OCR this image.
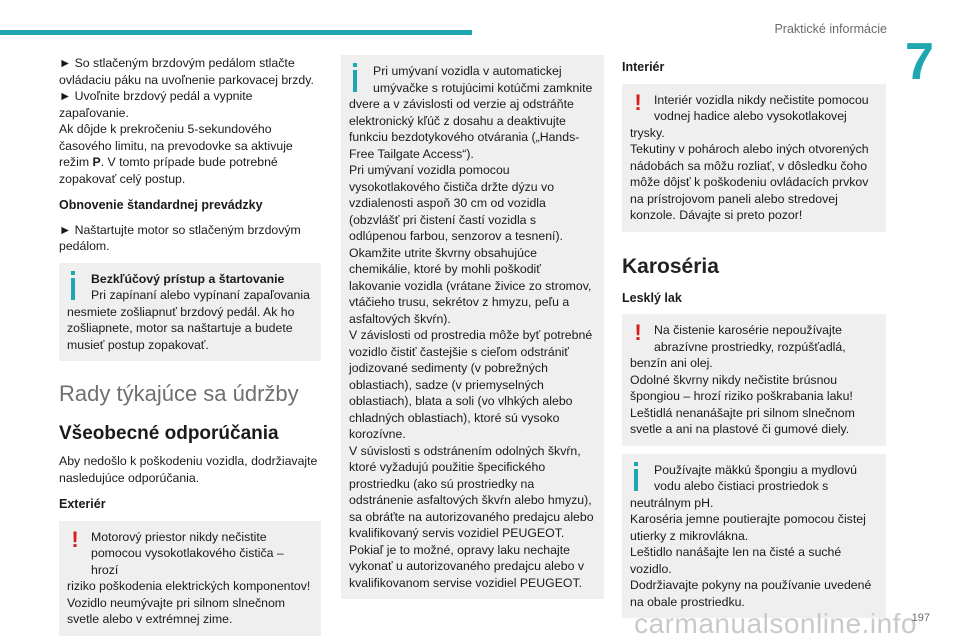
Praktické informácie
7

► So stlačeným brzdovým pedálom stlačte ovládaciu páku na uvoľnenie parkovacej brzdy.

► Uvoľnite brzdový pedál a vypnite zapaľovanie.

Ak dôjde k prekročeniu 5-sekundového časového limitu, na prevodovke sa aktivuje režim P. V tomto prípade bude potrebné zopakovať celý postup.

Obnovenie štandardnej prevádzky

► Naštartujte motor so stlačeným brzdovým pedálom.

Bezkľúčový prístup a štartovanie
Pri zapínaní alebo vypínaní zapaľovania
nesmiete zošliapnuť brzdový pedál. Ak ho zošliapnete, motor sa naštartuje a budete musieť postup zopakovať.
Rady týkajúce sa údržby
Všeobecné odporúčania

Aby nedošlo k poškodeniu vozidla, dodržiavajte nasledujúce odporúčania.

Exteriér
!	Motorový priestor nikdy nečistite
pomocou vysokotlakového čističa – hrozí
riziko poškodenia elektrických komponentov! Vozidlo neumývajte pri silnom slnečnom svetle alebo v extrémnej zime.
Pri umývaní vozidla v automatickej
umývačke s rotujúcimi kotúčmi zamknite
dvere a v závislosti od verzie aj odstráňte elektronický kľúč z dosahu a deaktivujte funkciu bezdotykového otvárania („Hands-Free Tailgate Access“).
Pri umývaní vozidla pomocou vysokotlakového čističa držte dýzu vo vzdialenosti aspoň 30 cm od vozidla (obzvlášť pri čistení častí vozidla s odlúpenou farbou, senzorov a tesnení).
Okamžite utrite škvrny obsahujúce chemikálie, ktoré by mohli poškodiť lakovanie vozidla (vrátane živice zo stromov, vtáčieho trusu, sekrétov z hmyzu, peľu a asfaltových škvŕn).
V závislosti od prostredia môže byť potrebné vozidlo čistiť častejšie s cieľom odstrániť jodizované sedimenty (v pobrežných oblastiach), sadze (v priemyselných oblastiach), blata a soli (vo vlhkých alebo chladných oblastiach), ktoré sú vysoko korozívne.
V súvislosti s odstránením odolných škvŕn, ktoré vyžadujú použitie špecifického prostriedku (ako sú prostriedky na odstránenie asfaltových škvŕn alebo hmyzu), sa obráťte na autorizovaného predajcu alebo kvalifikovaný servis vozidiel PEUGEOT.
Pokiaľ je to možné, opravy laku nechajte vykonať u autorizovaného predajcu alebo v kvalifikovanom servise vozidiel PEUGEOT.
Interiér
!	Interiér vozidla nikdy nečistite pomocou
vodnej hadice alebo vysokotlakovej
trysky.
Tekutiny v pohároch alebo iných otvorených nádobách sa môžu rozliať, v dôsledku čoho môže dôjsť k poškodeniu ovládacích prvkov na prístrojovom paneli alebo stredovej konzole. Dávajte si preto pozor!
Karoséria
Lesklý lak
!	Na čistenie karosérie nepoužívajte
abrazívne prostriedky, rozpúšťadlá,
benzín ani olej.
Odolné škvrny nikdy nečistite brúsnou špongiou – hrozí riziko poškrabania laku!
Leštidlá nenanášajte pri silnom slnečnom svetle a ani na plastové či gumové diely.
Používajte mäkkú špongiu a mydlovú
vodu alebo čistiaci prostriedok s
neutrálnym pH.
Karoséria jemne poutierajte pomocou čistej utierky z mikrovlákna.
Leštidlo nanášajte len na čisté a suché vozidlo.
Dodržiavajte pokyny na používanie uvedené na obale prostriedku.
carmanualsonline.info
197
